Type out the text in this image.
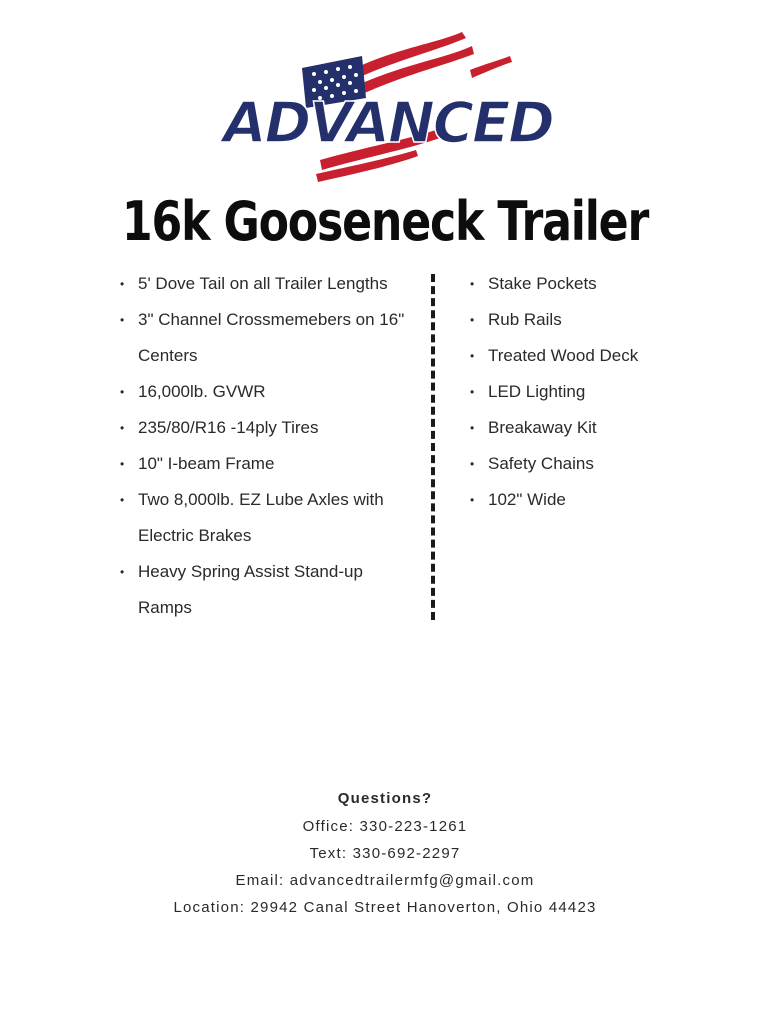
ADVANCED
16k Gooseneck Trailer
• 5' Dove Tail on all Trailer Lengths
• 3" Channel Crossmemebers on 16" Centers
• 16,000lb. GVWR
• 235/80/R16 -14ply Tires
• 10" I-beam Frame
• Two 8,000lb. EZ Lube Axles with Electric Brakes
• Heavy Spring Assist Stand-up Ramps
• Stake Pockets
• Rub Rails
• Treated Wood Deck
• LED Lighting
• Breakaway Kit
• Safety Chains
• 102" Wide
Questions?
Office: 330-223-1261
Text: 330-692-2297
Email: advancedtrailermfg@gmail.com
Location: 29942 Canal Street Hanoverton, Ohio 44423
